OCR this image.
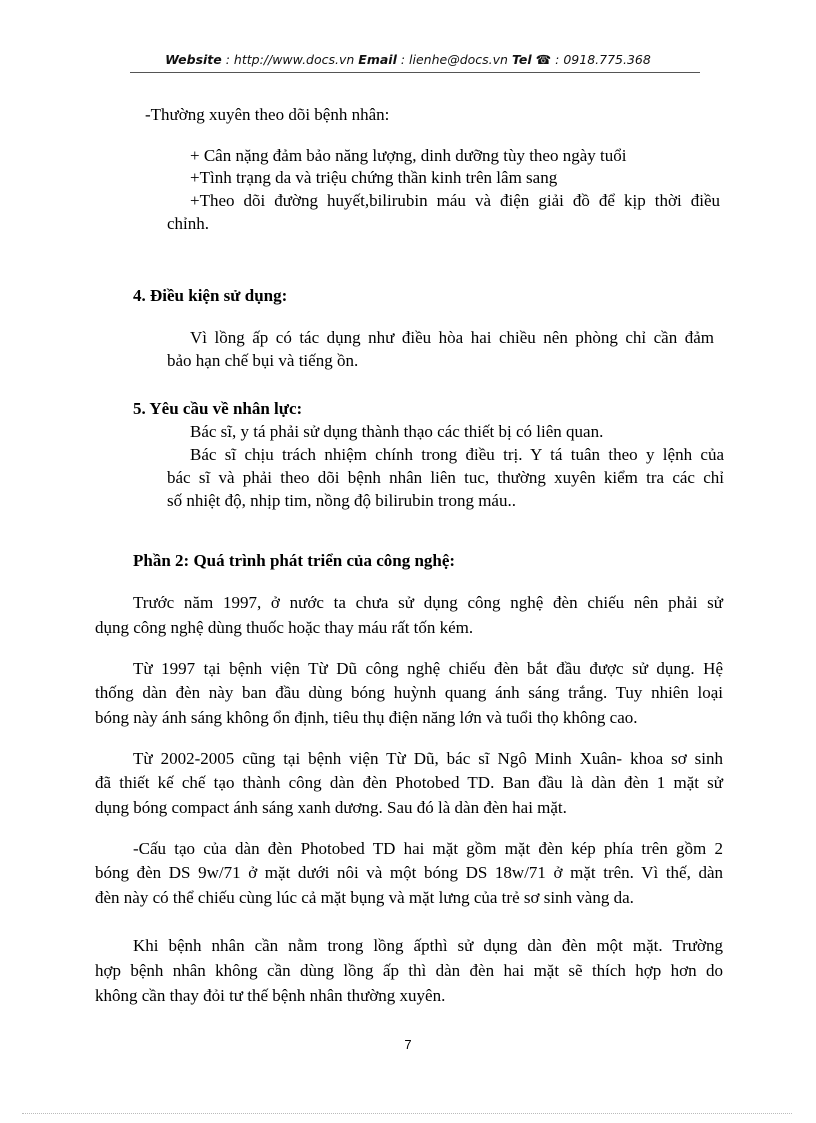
Website : http://www.docs.vn Email : lienhe@docs.vn Tel ☎ : 0918.775.368

-Thường xuyên theo dõi bệnh nhân:

+ Cân nặng đảm bảo năng lượng, dinh dưỡng tùy theo ngày tuổi

+Tình trạng da và triệu chứng thần kinh trên lâm sang

+Theo dõi đường huyết,bilirubin máu và điện giải đồ để kịp thời điều

chỉnh.

4. Điều kiện sử dụng:

Vì lồng ấp có tác dụng như điều hòa hai chiều nên phòng chỉ cần đảm

bảo hạn chế bụi và tiếng ồn.

5. Yêu cầu về nhân lực:

Bác sĩ, y tá phải sử dụng thành thạo các thiết bị có liên quan.

Bác sĩ chịu trách nhiệm chính trong điều trị. Y tá tuân theo y lệnh của

bác sĩ và phải theo dõi bệnh nhân liên tuc, thường xuyên kiểm tra các chỉ

số nhiệt độ, nhịp tim, nồng độ bilirubin trong máu..

Phần 2: Quá trình phát triển của công nghệ:

Trước năm 1997, ở nước ta chưa sử dụng công nghệ đèn chiếu nên phải sử

dụng công nghệ dùng thuốc hoặc thay máu rất tốn kém.

Từ 1997 tại bệnh viện Từ Dũ công nghệ chiếu đèn bắt đầu được sử dụng. Hệ

thống dàn đèn này ban đầu dùng bóng huỳnh quang ánh sáng trắng. Tuy nhiên loại

bóng này ánh sáng không ổn định, tiêu thụ điện năng lớn và tuổi thọ không cao.

Từ 2002-2005 cũng tại bệnh viện Từ Dũ, bác sĩ Ngô Minh Xuân- khoa sơ sinh

đã thiết kế chế tạo thành công dàn đèn Photobed TD. Ban đầu là dàn đèn 1 mặt sử

dụng bóng compact ánh sáng xanh dương. Sau đó là dàn đèn hai mặt.

-Cấu tạo của dàn đèn Photobed TD hai mặt gồm mặt đèn kép phía trên gồm 2

bóng đèn DS 9w/71 ở mặt dưới nôi và một bóng DS 18w/71 ở mặt trên. Vì thế, dàn

đèn này có thể chiếu cùng lúc cả mặt bụng và mặt lưng của trẻ sơ sinh vàng da.

Khi bệnh nhân cần nằm trong lồng ấpthì sử dụng dàn đèn một mặt. Trường

hợp bệnh nhân không cần dùng lồng ấp thì dàn đèn hai mặt sẽ thích hợp hơn do

không cần thay đỏi tư thế bệnh nhân thường xuyên.

7
